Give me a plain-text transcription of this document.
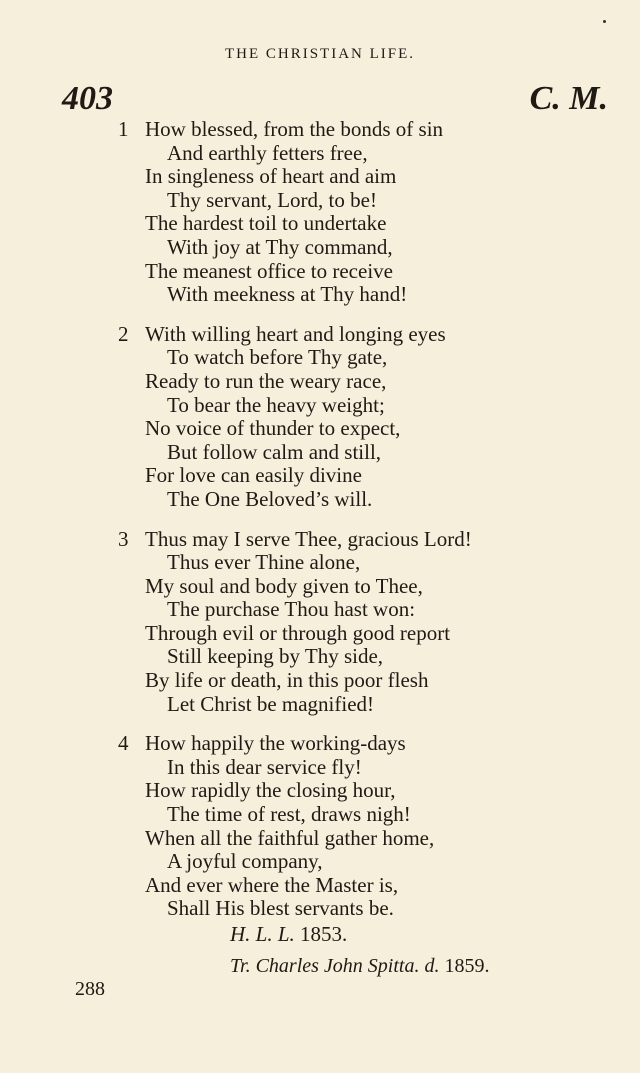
THE CHRISTIAN LIFE.
403	C. M.
1 How blessed, from the bonds of sin
And earthly fetters free,
In singleness of heart and aim
Thy servant, Lord, to be!
The hardest toil to undertake
With joy at Thy command,
The meanest office to receive
With meekness at Thy hand!
2 With willing heart and longing eyes
To watch before Thy gate,
Ready to run the weary race,
To bear the heavy weight;
No voice of thunder to expect,
But follow calm and still,
For love can easily divine
The One Beloved’s will.
3 Thus may I serve Thee, gracious Lord!
Thus ever Thine alone,
My soul and body given to Thee,
The purchase Thou hast won:
Through evil or through good report
Still keeping by Thy side,
By life or death, in this poor flesh
Let Christ be magnified!
4 How happily the working-days
In this dear service fly!
How rapidly the closing hour,
The time of rest, draws nigh!
When all the faithful gather home,
A joyful company,
And ever where the Master is,
Shall His blest servants be.
H. L. L. 1853.
Tr. Charles John Spitta. d. 1859.
288
